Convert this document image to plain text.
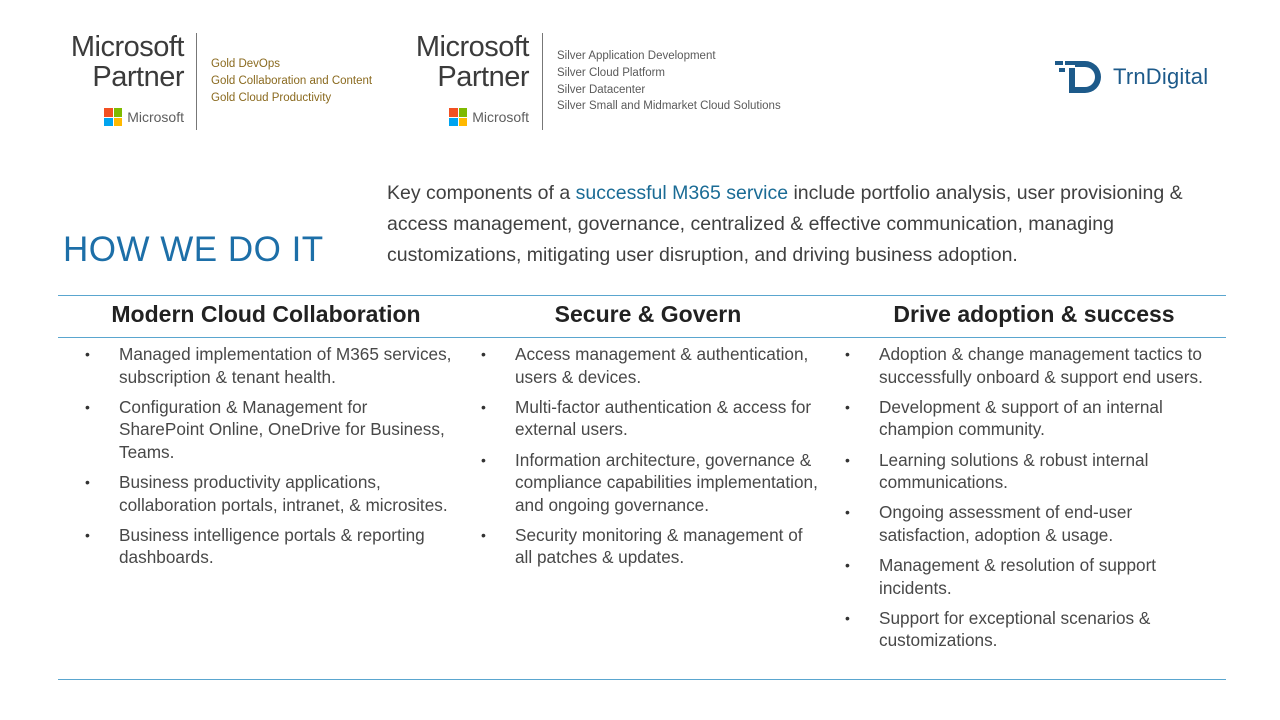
Microsoft
Partner
Microsoft
Gold DevOps
Gold Collaboration and Content
Gold Cloud Productivity
Microsoft
Partner
Microsoft
Silver Application Development
Silver Cloud Platform
Silver Datacenter
Silver Small and Midmarket Cloud Solutions
TrnDigital
HOW WE DO IT
Key components of a successful M365 service include portfolio analysis, user provisioning & access management, governance, centralized & effective communication, managing customizations, mitigating user disruption, and driving business adoption.
Modern Cloud Collaboration	Secure & Govern	Drive adoption & success
• Managed implementation of M365 services, subscription & tenant health.
• Configuration & Management for SharePoint Online, OneDrive for Business, Teams.
• Business productivity applications, collaboration portals, intranet, & microsites.
• Business intelligence portals & reporting dashboards.
• Access management & authentication, users & devices.
• Multi-factor authentication & access for external users.
• Information architecture, governance & compliance capabilities implementation, and ongoing governance.
• Security monitoring & management of all patches & updates.
• Adoption & change management tactics to successfully onboard & support end users.
• Development & support of an internal champion community.
• Learning solutions & robust internal communications.
• Ongoing assessment of end-user satisfaction, adoption & usage.
• Management & resolution of support incidents.
• Support for exceptional scenarios & customizations.
